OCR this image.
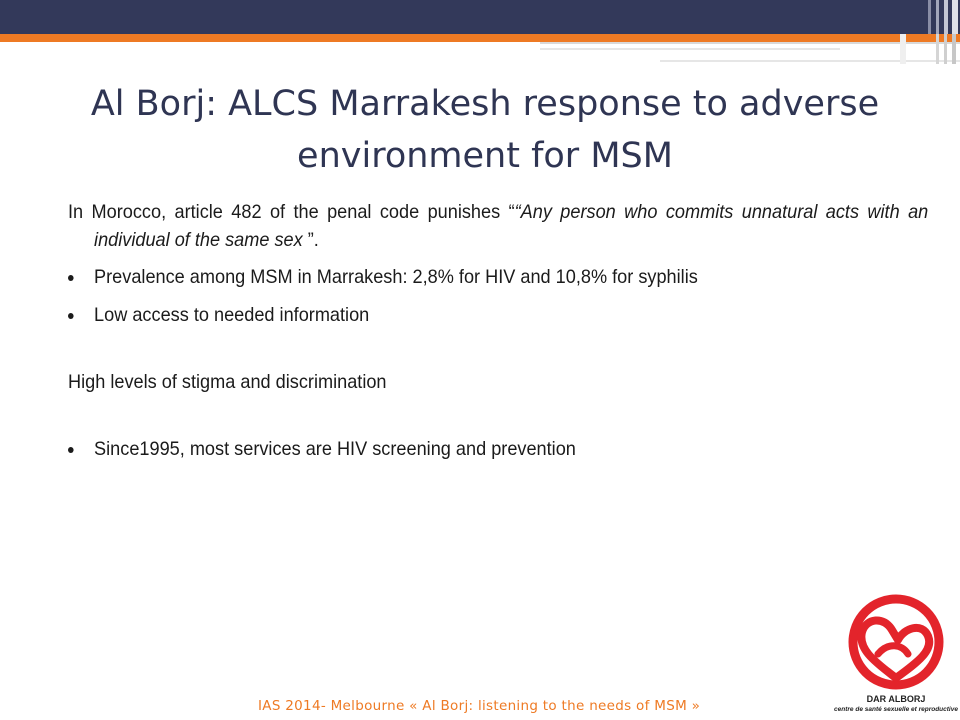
Al Borj: ALCS Marrakesh response to adverse environment for MSM

In Morocco, article 482 of the penal code punishes ““Any person who commits unnatural acts with an individual of the same sex ”.

Prevalence among MSM in Marrakesh: 2,8% for HIV and 10,8% for syphilis
Low access to needed information
High levels of stigma and discrimination
Since1995, most services are HIV screening and prevention
IAS 2014- Melbourne « Al Borj: listening to the needs of MSM »	DAR ALBORJ
centre de santé sexuelle et reproductive
